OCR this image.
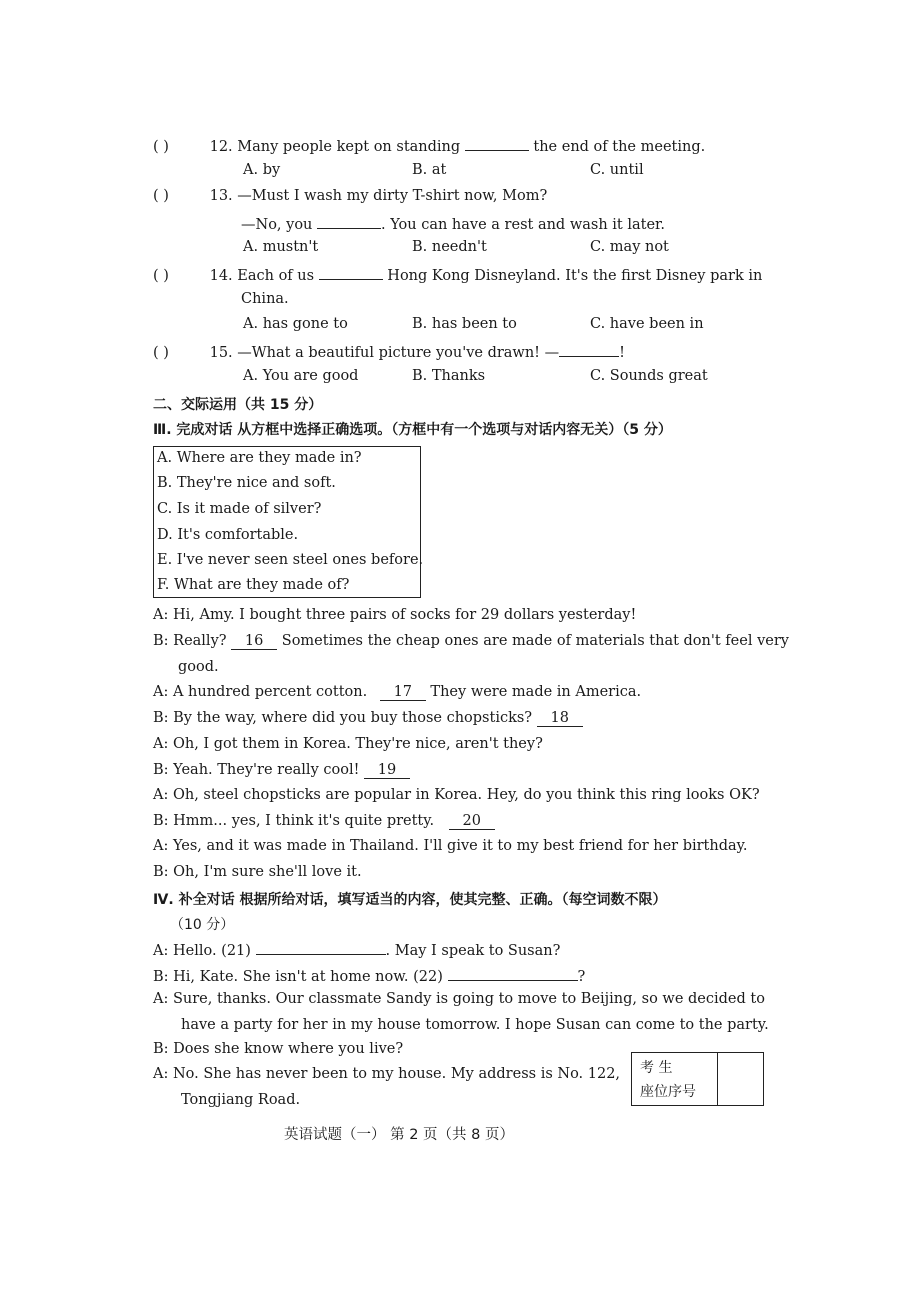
( )	12. Many people kept on standing	the end of the meeting.
A. by	B. at	C. until
( )	13. —Must I wash my dirty T-shirt now, Mom?
—No, you	. You can have a rest and wash it later.
A. mustn't	B. needn't	C. may not
( )	14. Each of us	Hong Kong Disneyland. It's the first Disney park in
China.
A. has gone to	B. has been to	C. have been in
( )	15. —What a beautiful picture you've drawn! —	!
A. You are good	B. Thanks	C. Sounds great
二、交际运用（共 15 分）
Ⅲ. 完成对话 从方框中选择正确选项。（方框中有一个选项与对话内容无关）（5 分）
A. Where are they made in?
B. They're nice and soft.
C. Is it made of silver?
D. It's comfortable.
E. I've never seen steel ones before.
F. What are they made of?
A: Hi, Amy. I bought three pairs of socks for 29 dollars yesterday!
B: Really? 16 Sometimes the cheap ones are made of materials that don't feel very
good.
A: A hundred percent cotton. 17 They were made in America.
B: By the way, where did you buy those chopsticks? 18
A: Oh, I got them in Korea. They're nice, aren't they?
B: Yeah. They're really cool! 19
A: Oh, steel chopsticks are popular in Korea. Hey, do you think this ring looks OK?
B: Hmm... yes, I think it's quite pretty. 20
A: Yes, and it was made in Thailand. I'll give it to my best friend for her birthday.
B: Oh, I'm sure she'll love it.
Ⅳ. 补全对话 根据所给对话，填写适当的内容，使其完整、正确。（每空词数不限）
（10 分）
A: Hello. (21)	. May I speak to Susan?
B: Hi, Kate. She isn't at home now. (22)	?
A: Sure, thanks. Our classmate Sandy is going to move to Beijing, so we decided to
have a party for her in my house tomorrow. I hope Susan can come to the party.
B: Does she know where you live?
A: No. She has never been to my house. My address is No. 122,
Tongjiang Road.
考 生
座位序号
英语试题（一） 第 2 页（共 8 页）
